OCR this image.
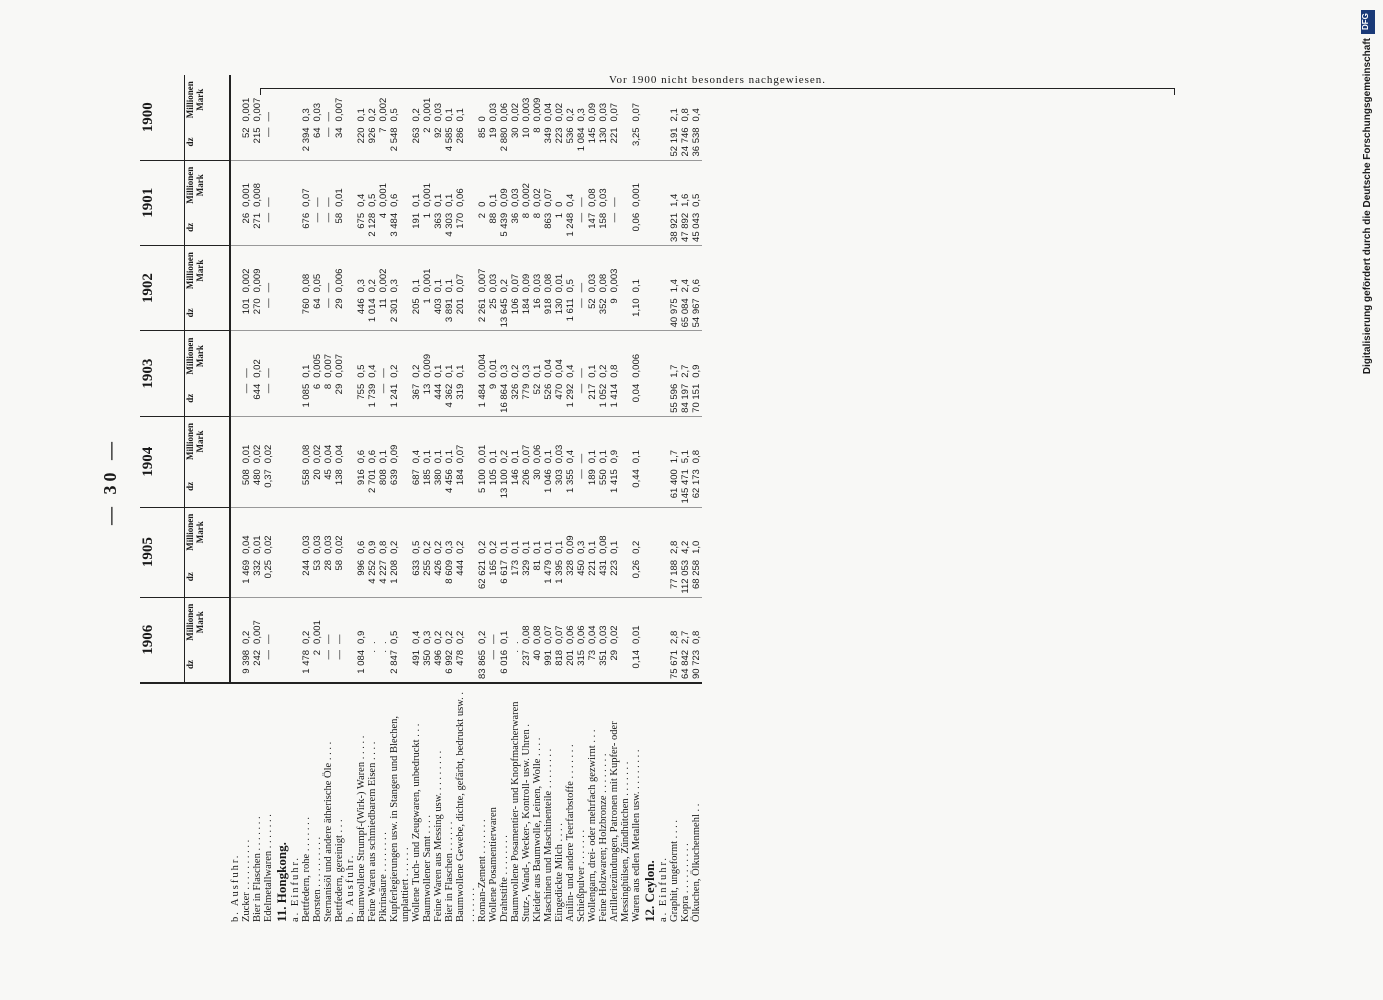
— 30 —
	1906		1905		1904		1903		1902		1901		1900	
	dz	Millionen Mark	dz	Millionen Mark	dz	Millionen Mark	dz	Millionen Mark	dz	Millionen Mark	dz	Millionen Mark	dz	Millionen Mark
b. Ausfuhr.														
Zucker . . . . . . . . . .	9 398	0,2	1 469	0,04	508	0,01	—	—	101	0,002	26	0,001	52	0,001
Bier in Flaschen . . . . . . .	242	0,007	332	0,01	480	0,02	644	0,02	270	0,009	271	0,008	215	0,007
Edelmetallwaren . . . . . . .	—	—	0,25	0,02	0,37	0,02	—	—	—	—	—	—	—	—
11. Hongkong.														
a. Einfuhr.														
Bettfedern, rohe . . . . . . .	1 478	0,2	244	0,03	558	0,08	1 085	0,1	760	0,08	676	0,07	2 394	0,3
Borsten . . . . . . . . . .	2	0,001	53	0,03	20	0,02	6	0,005	64	0,05	—	—	64	0,03
Sternanisöl und andere ätherische Öle . . . .	—	—	28	0,03	45	0,04	8	0,007	—	—	—	—	—	—
Bettfedern, gereinigt . . .	—	—	58	0,02	138	0,04	29	0,007	29	0,006	58	0,01	34	0,007
b. Ausfuhr.														
Baumwollene Strumpf-(Wirk-) Waren . . . . .	1 084	0,9	996	0,6	916	0,6	755	0,5	446	0,3	675	0,4	220	0,1
Feine Waren aus schmiedbarem Eisen . . . .	.	.	4 252	0,9	2 701	0,6	1 739	0,4	1 014	0,2	2 128	0,5	926	0,2
Pikrinsäure . . . . . . . .	.	.	4 227	0,8	808	0,1	—	—	11	0,002	4	0,001	7	0,002
Kupferlegierungen usw. in Stangen und Blechen, unplattiert . . . . . .	2 847	0,5	1 208	0,2	639	0,09	1 241	0,2	2 301	0,3	3 484	0,6	2 548	0,5
Wollene Tuch- und Zeugwaren, unbedruckt . . .	491	0,4	633	0,5	687	0,4	367	0,2	205	0,1	191	0,1	263	0,2
Baumwollener Samt . . . .	350	0,3	255	0,2	185	0,1	13	0,009	1	0,001	1	0,001	2	0,001
Feine Waren aus Messing usw. . . . . . . . .	496	0,2	426	0,2	380	0,1	444	0,1	403	0,1	363	0,1	92	0,03
Bier in Flaschen . . . . . .	6 992	0,2	8 609	0,3	4 456	0,1	4 362	0,1	3 891	0,1	4 303	0,1	4 585	0,1
Baumwollene Gewebe, dichte, gefärbt, bedruckt usw. . . . . . . . .	478	0,2	444	0,2	184	0,07	319	0,1	201	0,07	170	0,06	286	0,1
Roman-Zement . . . . . . .	83 865	0,2	62 621	0,2	5 100	0,01	1 484	0,004	2 261	0,007	2	0	85	0
Wollene Posamentierwaren	—	—	165	0,2	105	0,1	9	0,01	25	0,03	88	0,1	19	0,03
Drahtstifte . . . . . . . .	6 016	0,1	6 617	0,1	13 100	0,2	16 864	0,3	13 645	0,2	5 439	0,09	2 880	0,06
Baumwollene Posamentier- und Knopfmacherwaren	.	.	173	0,1	146	0,1	326	0,2	106	0,07	36	0,03	30	0,02
Stutz-, Wand-, Wecker-, Kontroll- usw. Uhren .	237	0,08	329	0,1	206	0,07	779	0,3	184	0,09	8	0,002	10	0,003
Kleider aus Baumwolle, Leinen, Wolle . . . .	40	0,08	81	0,1	30	0,06	52	0,1	16	0,03	8	0,02	8	0,009
Maschinen und Maschinenteile . . . . . . . .	991	0,07	1 479	0,1	1 046	0,1	526	0,04	918	0,08	863	0,07	349	0,04
Eingedickte Milch . . . .	818	0,07	1 395	0,1	303	0,03	470	0,04	130	0,01	1	0	223	0,02
Anilin- und andere Teerfarbstoffe . . . . . . .	201	0,06	328	0,09	1 355	0,4	1 292	0,4	1 611	0,5	1 248	0,4	536	0,2
Schießpulver . . . . . . .	315	0,06	450	0,3	—	—	—	—	—	—	—	—	1 084	0,3
Wollengarn, drei- oder mehrfach gezwirnt . . .	73	0,04	221	0,1	189	0,1	217	0,1	52	0,03	147	0,08	145	0,09
Feine Holzwaren; Holzbronze . . . . . . . .	351	0,03	431	0,08	550	0,1	1 052	0,2	352	0,08	158	0,03	130	0,03
Artilleriezündungen, Patronen mit Kupfer- oder Messinghülsen, Zündhütchen . . . . . . .	29	0,02	223	0,1	1 415	0,9	1 414	0,8	9	0,003	—	—	221	0,07
Waren aus edlen Metallen usw. . . . . . . . .	0,14	0,01	0,26	0,2	0,44	0,1	0,04	0,006	1,10	0,1	0,06	0,001	3,25	0,07
12. Ceylon.														
a. Einfuhr.														
Graphit, ungeformt . . . .	75 671	2,8	77 188	2,8	61 400	1,7	55 596	1,7	40 975	1,4	38 921	1,4	52 191	2,1
Kopra . . . . . . . . . .	64 842	2,7	112 053	4,2	145 471	5,1	84 197	2,7	65 084	2,4	47 892	1,6	24 746	0,8
Ölkuchen, Ölkuchenmehl . .	90 723	0,8	68 258	1,0	62 173	0,8	70 151	0,9	54 967	0,6	45 043	0,5	36 538	0,4
Vor 1900 nicht besonders nachgewiesen.
DFG
Digitalisierung gefördert durch die Deutsche Forschungsgemeinschaft
